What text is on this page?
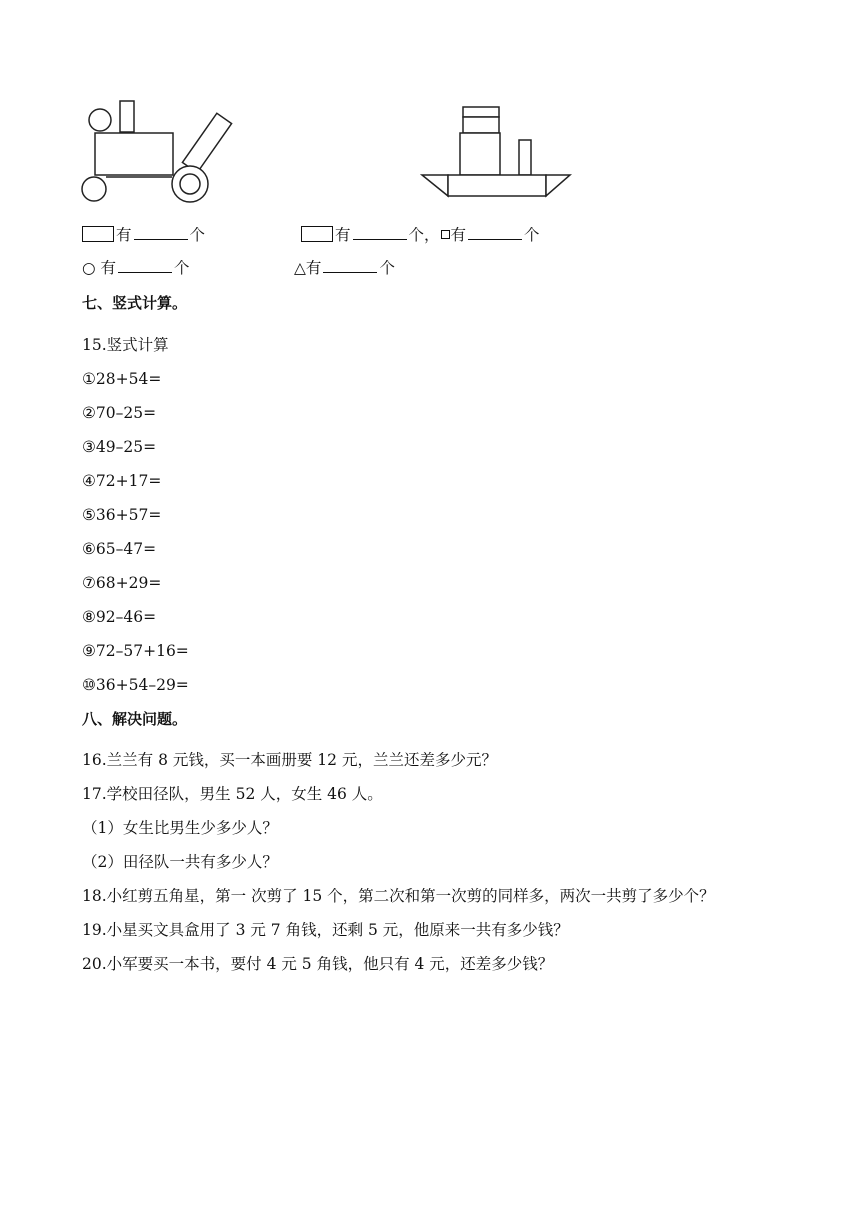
有	个	有	个， 有	个
○ 有	个	△有	个
七、竖式计算。
15.竖式计算
①28+54=
②70–25=
③49–25=
④72+17=
⑤36+57=
⑥65–47=
⑦68+29=
⑧92–46=
⑨72–57+16=
⑩36+54–29=
八、解决问题。
16.兰兰有 8 元钱，买一本画册要 12 元，兰兰还差多少元？
17.学校田径队，男生 52 人，女生 46 人。
（1）女生比男生少多少人？
（2）田径队一共有多少人？
18.小红剪五角星，第一 次剪了 15 个，第二次和第一次剪的同样多，两次一共剪了多少个？
19.小星买文具盒用了 3 元 7 角钱，还剩 5 元，他原来一共有多少钱？
20.小军要买一本书，要付 4 元 5 角钱，他只有 4 元，还差多少钱？
